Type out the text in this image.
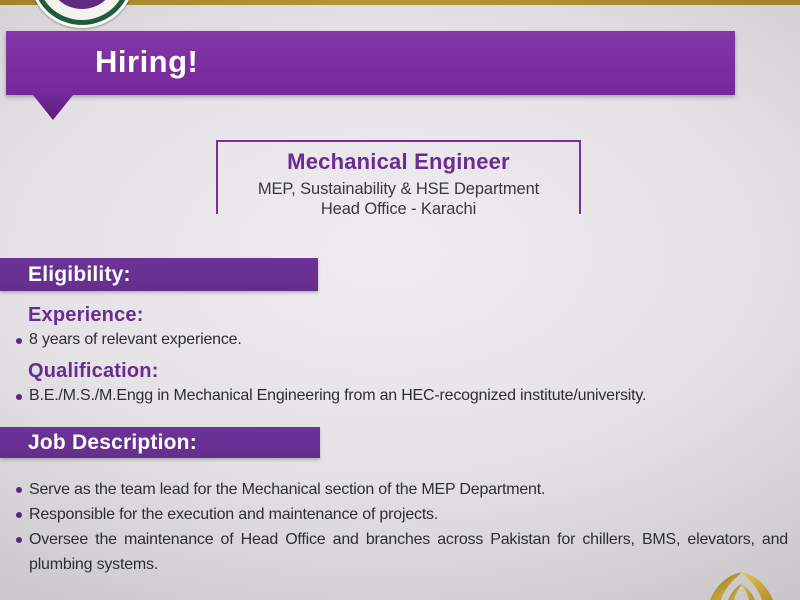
Hiring!
Mechanical Engineer
MEP, Sustainability & HSE Department
Head Office - Karachi
Eligibility:
Experience:
8 years of relevant experience.
Qualification:
B.E./M.S./M.Engg in Mechanical Engineering from an HEC-recognized institute/university.
Job Description:
Serve as the team lead for the Mechanical section of the MEP Department.
Responsible for the execution and maintenance of projects.
Oversee the maintenance of Head Office and branches across Pakistan for chillers, BMS, elevators, and plumbing systems.
